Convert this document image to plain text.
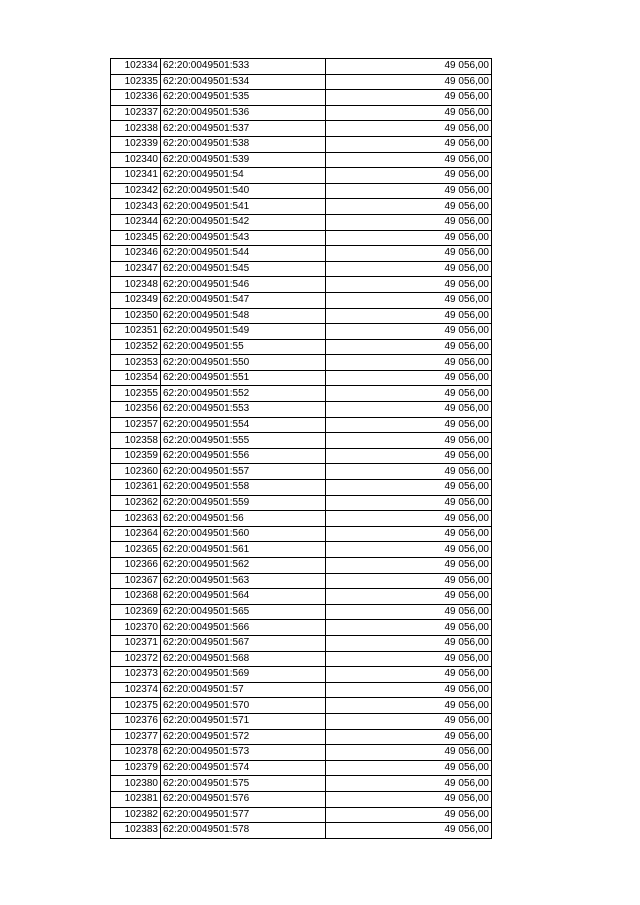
102334	62:20:0049501:533	49 056,00
102335	62:20:0049501:534	49 056,00
102336	62:20:0049501:535	49 056,00
102337	62:20:0049501:536	49 056,00
102338	62:20:0049501:537	49 056,00
102339	62:20:0049501:538	49 056,00
102340	62:20:0049501:539	49 056,00
102341	62:20:0049501:54	49 056,00
102342	62:20:0049501:540	49 056,00
102343	62:20:0049501:541	49 056,00
102344	62:20:0049501:542	49 056,00
102345	62:20:0049501:543	49 056,00
102346	62:20:0049501:544	49 056,00
102347	62:20:0049501:545	49 056,00
102348	62:20:0049501:546	49 056,00
102349	62:20:0049501:547	49 056,00
102350	62:20:0049501:548	49 056,00
102351	62:20:0049501:549	49 056,00
102352	62:20:0049501:55	49 056,00
102353	62:20:0049501:550	49 056,00
102354	62:20:0049501:551	49 056,00
102355	62:20:0049501:552	49 056,00
102356	62:20:0049501:553	49 056,00
102357	62:20:0049501:554	49 056,00
102358	62:20:0049501:555	49 056,00
102359	62:20:0049501:556	49 056,00
102360	62:20:0049501:557	49 056,00
102361	62:20:0049501:558	49 056,00
102362	62:20:0049501:559	49 056,00
102363	62:20:0049501:56	49 056,00
102364	62:20:0049501:560	49 056,00
102365	62:20:0049501:561	49 056,00
102366	62:20:0049501:562	49 056,00
102367	62:20:0049501:563	49 056,00
102368	62:20:0049501:564	49 056,00
102369	62:20:0049501:565	49 056,00
102370	62:20:0049501:566	49 056,00
102371	62:20:0049501:567	49 056,00
102372	62:20:0049501:568	49 056,00
102373	62:20:0049501:569	49 056,00
102374	62:20:0049501:57	49 056,00
102375	62:20:0049501:570	49 056,00
102376	62:20:0049501:571	49 056,00
102377	62:20:0049501:572	49 056,00
102378	62:20:0049501:573	49 056,00
102379	62:20:0049501:574	49 056,00
102380	62:20:0049501:575	49 056,00
102381	62:20:0049501:576	49 056,00
102382	62:20:0049501:577	49 056,00
102383	62:20:0049501:578	49 056,00
